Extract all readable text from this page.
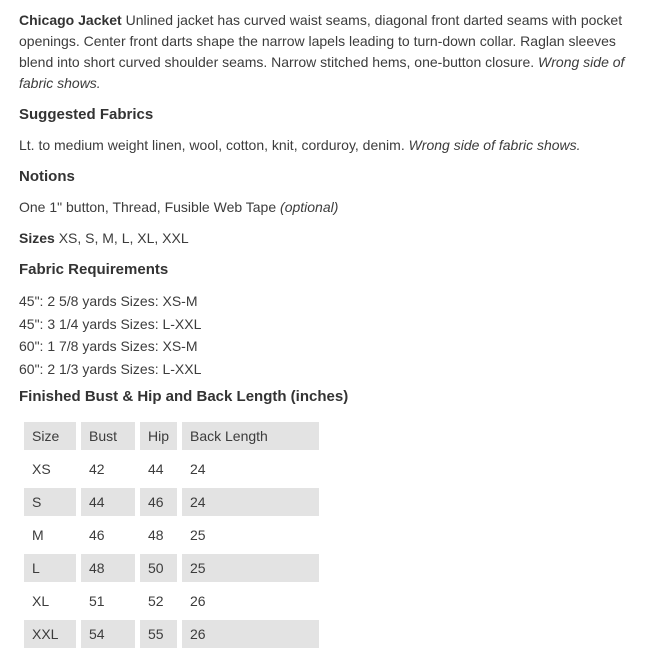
Chicago Jacket Unlined jacket has curved waist seams, diagonal front darted seams with pocket openings. Center front darts shape the narrow lapels leading to turn-down collar. Raglan sleeves blend into short curved shoulder seams. Narrow stitched hems, one-button closure. Wrong side of fabric shows.

Suggested Fabrics

Lt. to medium weight linen, wool, cotton, knit, corduroy, denim. Wrong side of fabric shows.

Notions

One 1" button, Thread, Fusible Web Tape (optional)

Sizes XS, S, M, L, XL, XXL

Fabric Requirements

45": 2 5/8 yards Sizes: XS-M
45": 3 1/4 yards Sizes: L-XXL
60": 1 7/8 yards Sizes: XS-M
60": 2 1/3 yards Sizes: L-XXL

Finished Bust & Hip and Back Length (inches)

Size	Bust	Hip	Back Length
XS	42	44	24
S	44	46	24
M	46	48	25
L	48	50	25
XL	51	52	26
XXL	54	55	26
